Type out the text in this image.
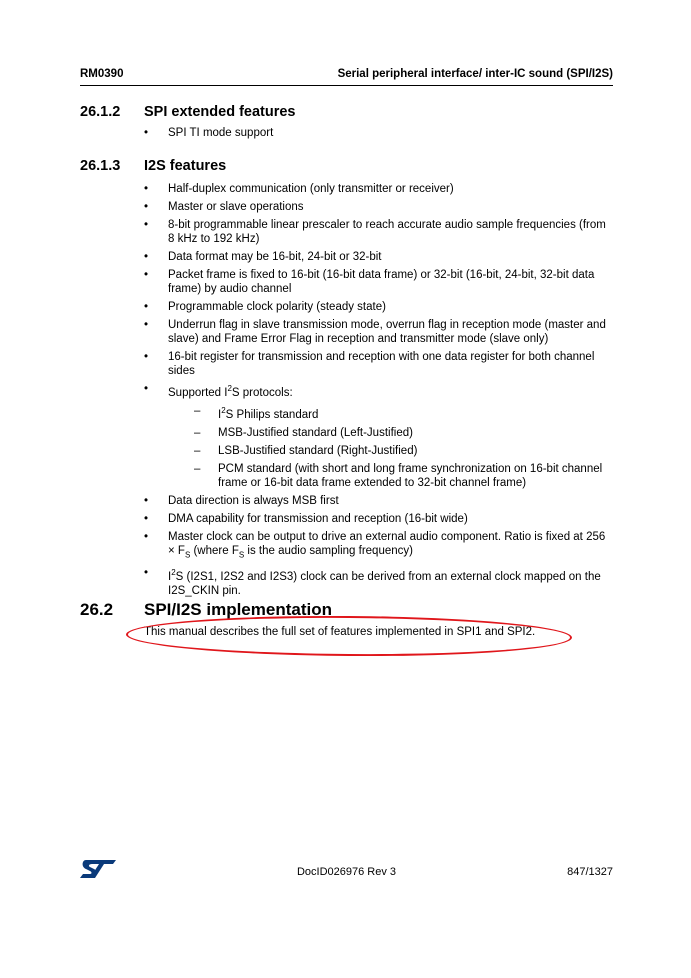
RM0390	Serial peripheral interface/ inter-IC sound (SPI/I2S)
26.1.2	SPI extended features
• SPI TI mode support
26.1.3	I2S features
• Half-duplex communication (only transmitter or receiver)
• Master or slave operations
• 8-bit programmable linear prescaler to reach accurate audio sample frequencies (from 8 kHz to 192 kHz)
• Data format may be 16-bit, 24-bit or 32-bit
• Packet frame is fixed to 16-bit (16-bit data frame) or 32-bit (16-bit, 24-bit, 32-bit data frame) by audio channel
• Programmable clock polarity (steady state)
• Underrun flag in slave transmission mode, overrun flag in reception mode (master and slave) and Frame Error Flag in reception and transmitter mode (slave only)
• 16-bit register for transmission and reception with one data register for both channel sides
• Supported $I^2S$ protocols:
– $I^2S$ Philips standard
– MSB-Justified standard (Left-Justified)
– LSB-Justified standard (Right-Justified)
– PCM standard (with short and long frame synchronization on 16-bit channel frame or 16-bit data frame extended to 32-bit channel frame)
• Data direction is always MSB first
• DMA capability for transmission and reception (16-bit wide)
• Master clock can be output to drive an external audio component. Ratio is fixed at $256 \times F_S$ (where $F_S$ is the audio sampling frequency)
• $I^2S$ (I2S1, I2S2 and I2S3) clock can be derived from an external clock mapped on the I2S_CKIN pin.
26.2	SPI/I2S implementation
This manual describes the full set of features implemented in SPI1 and SPI2.
DocID026976 Rev 3	847/1327
